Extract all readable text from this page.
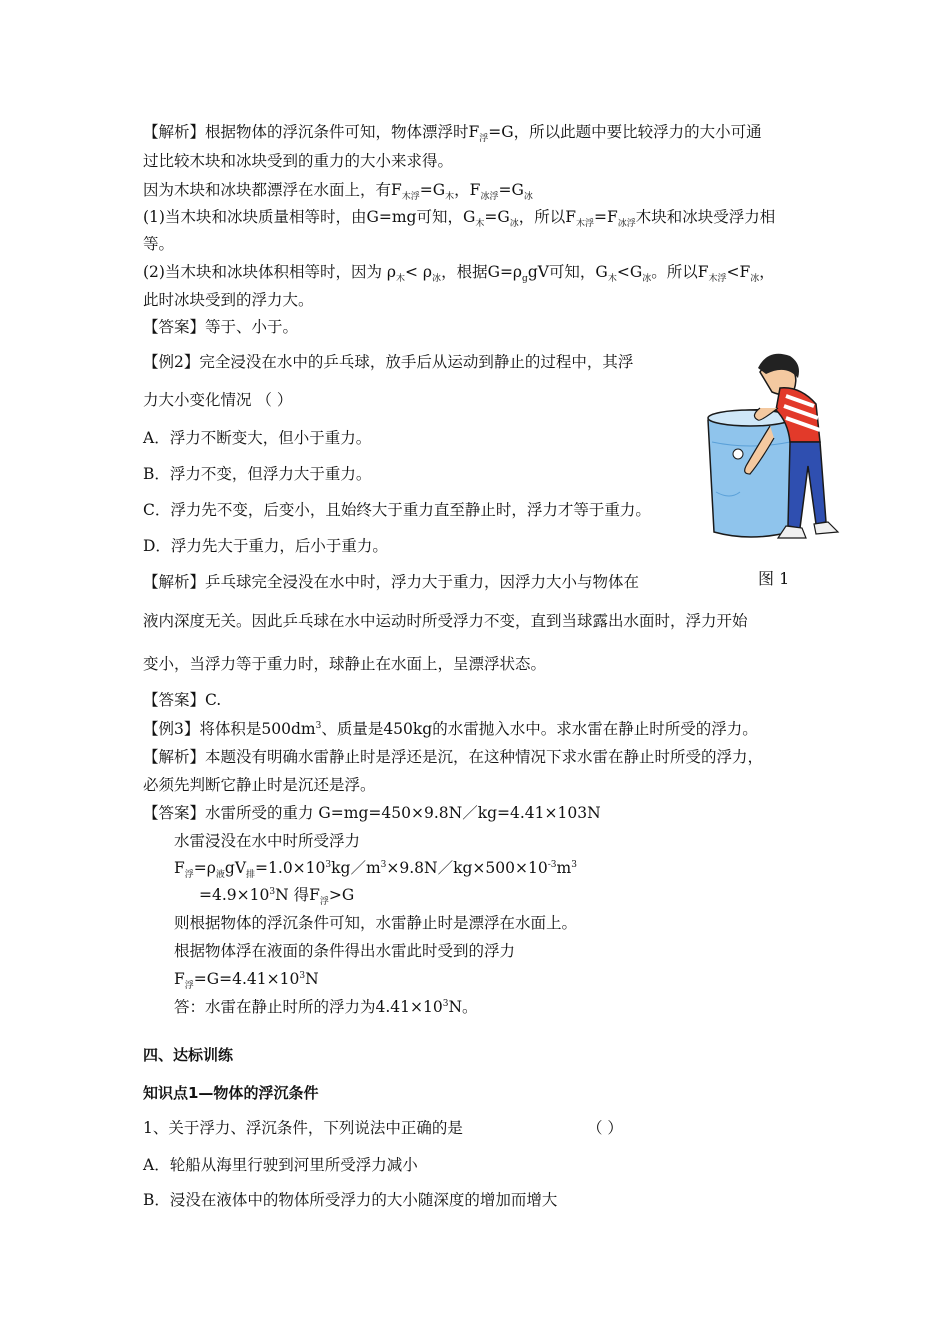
【解析】根据物体的浮沉条件可知，物体漂浮时$F_浮=G$，所以此题中要比较浮力的大小可通
过比较木块和冰块受到的重力的大小来求得。
因为木块和冰块都漂浮在水面上，有$F_{木浮}=G_木$，$F_{冰浮}=G_冰$
(1)当木块和冰块质量相等时，由G=mg可知，$G_木=G_冰$，所以$F_{木浮}=F_{冰浮}$木块和冰块受浮力相
等。
(2)当木块和冰块体积相等时，因为 $\rho_木< \rho_冰$，根据$G=\rho_ggV$可知，$G_木<G_冰$。所以$F_{木浮}<F_冰$，
此时冰块受到的浮力大。
【答案】等于、小于。
【例2】完全浸没在水中的乒乓球，放手后从运动到静止的过程中，其浮
力大小变化情况 （ ）
A．浮力不断变大，但小于重力。
B．浮力不变，但浮力大于重力。
C．浮力先不变，后变小，且始终大于重力直至静止时，浮力才等于重力。
D．浮力先大于重力，后小于重力。
【解析】乒乓球完全浸没在水中时，浮力大于重力，因浮力大小与物体在
液内深度无关。因此乒乓球在水中运动时所受浮力不变，直到当球露出水面时，浮力开始
变小，当浮力等于重力时，球静止在水面上，呈漂浮状态。
【答案】C.
图 1
【例3】将体积是$500dm^3$、质量是450kg的水雷抛入水中。求水雷在静止时所受的浮力。
【解析】本题没有明确水雷静止时是浮还是沉，在这种情况下求水雷在静止时所受的浮力，
必须先判断它静止时是沉还是浮。
【答案】水雷所受的重力 G=mg=450×9.8N／kg=4.41×103N
水雷浸没在水中时所受浮力
$F_浮=\rho_液gV_排=1.0\times 10^3kg/m^3\times 9.8N/kg\times 500\times 10^{-3}m^3$
$=4.9\times 10^3N$ 得$F_浮>G$
则根据物体的浮沉条件可知，水雷静止时是漂浮在水面上。
根据物体浮在液面的条件得出水雷此时受到的浮力
$F_浮=G=4.41\times 10^3N$
答：水雷在静止时所的浮力为$4.41\times 10^3N$。
四、达标训练
知识点1—物体的浮沉条件
1、关于浮力、浮沉条件，下列说法中正确的是	（ ）
A．轮船从海里行驶到河里所受浮力减小
B．浸没在液体中的物体所受浮力的大小随深度的增加而增大
